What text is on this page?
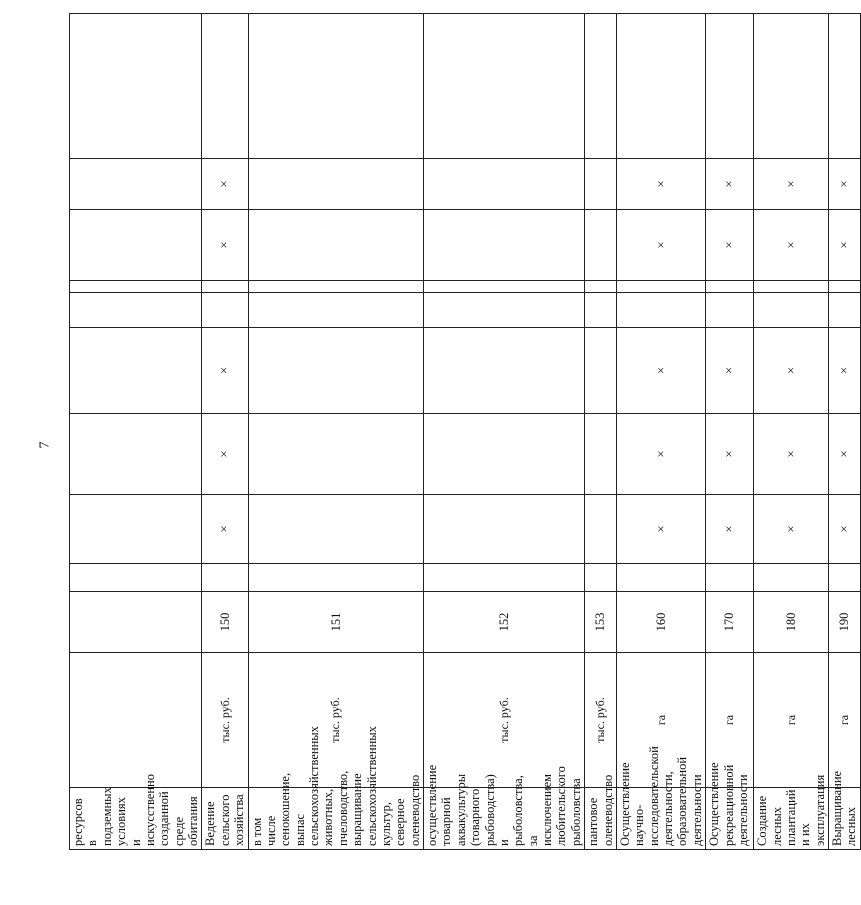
7
ресурсов в подземных условиях и искусственно созданной среде обитания											
Ведение сельского хозяйства	тыс. руб.	150		×	×	×			×	×	
в том числе сенокошение, выпас сельскохозяйственных животных, пчеловодство, выращивание сельскохозяйственных культур, северное оленеводство	тыс. руб.	151									
осуществление товарной аквакультуры (товарного рыбоводства) и рыболовства, за исключением любительского рыболовства	тыс. руб.	152									
пантовое оленеводство	тыс. руб.	153									
Осуществление научно-исследовательской деятельности, образовательной деятельности	га	160		×	×	×			×	×	
Осуществление рекреационной деятельности	га	170		×	×	×			×	×	
Создание лесных плантаций и их эксплуатация	га	180		×	×	×			×	×	
Выращивание лесных	га	190		×	×	×			×	×	
